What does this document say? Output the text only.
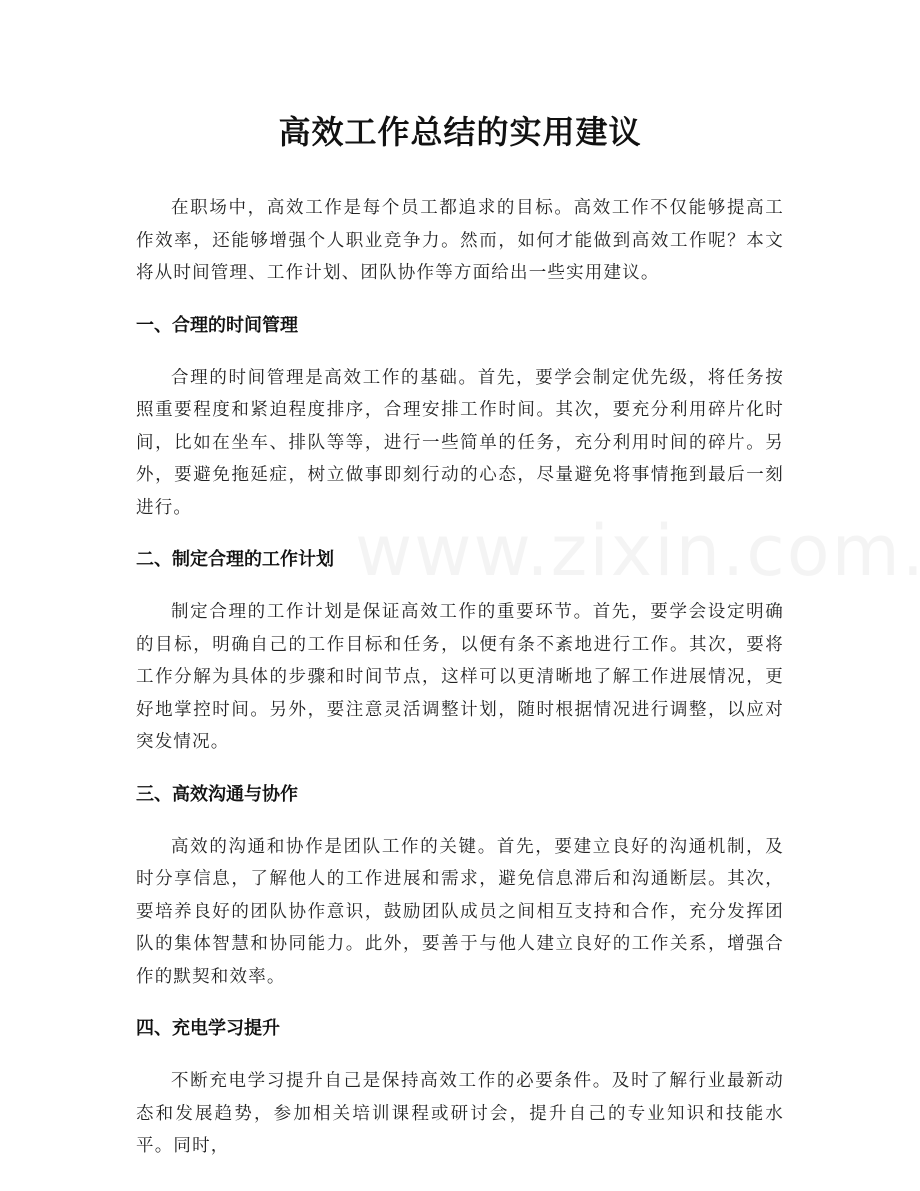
高效工作总结的实用建议

在职场中，高效工作是每个员工都追求的目标。高效工作不仅能够提高工作效率，还能够增强个人职业竞争力。然而，如何才能做到高效工作呢？本文将从时间管理、工作计划、团队协作等方面给出一些实用建议。

一、合理的时间管理

合理的时间管理是高效工作的基础。首先，要学会制定优先级，将任务按照重要程度和紧迫程度排序，合理安排工作时间。其次，要充分利用碎片化时间，比如在坐车、排队等等，进行一些简单的任务，充分利用时间的碎片。另外，要避免拖延症，树立做事即刻行动的心态，尽量避免将事情拖到最后一刻进行。

二、制定合理的工作计划

制定合理的工作计划是保证高效工作的重要环节。首先，要学会设定明确的目标，明确自己的工作目标和任务，以便有条不紊地进行工作。其次，要将工作分解为具体的步骤和时间节点，这样可以更清晰地了解工作进展情况，更好地掌控时间。另外，要注意灵活调整计划，随时根据情况进行调整，以应对突发情况。

三、高效沟通与协作

高效的沟通和协作是团队工作的关键。首先，要建立良好的沟通机制，及时分享信息，了解他人的工作进展和需求，避免信息滞后和沟通断层。其次，要培养良好的团队协作意识，鼓励团队成员之间相互支持和合作，充分发挥团队的集体智慧和协同能力。此外，要善于与他人建立良好的工作关系，增强合作的默契和效率。

四、充电学习提升

不断充电学习提升自己是保持高效工作的必要条件。及时了解行业最新动态和发展趋势，参加相关培训课程或研讨会，提升自己的专业知识和技能水平。同时，
